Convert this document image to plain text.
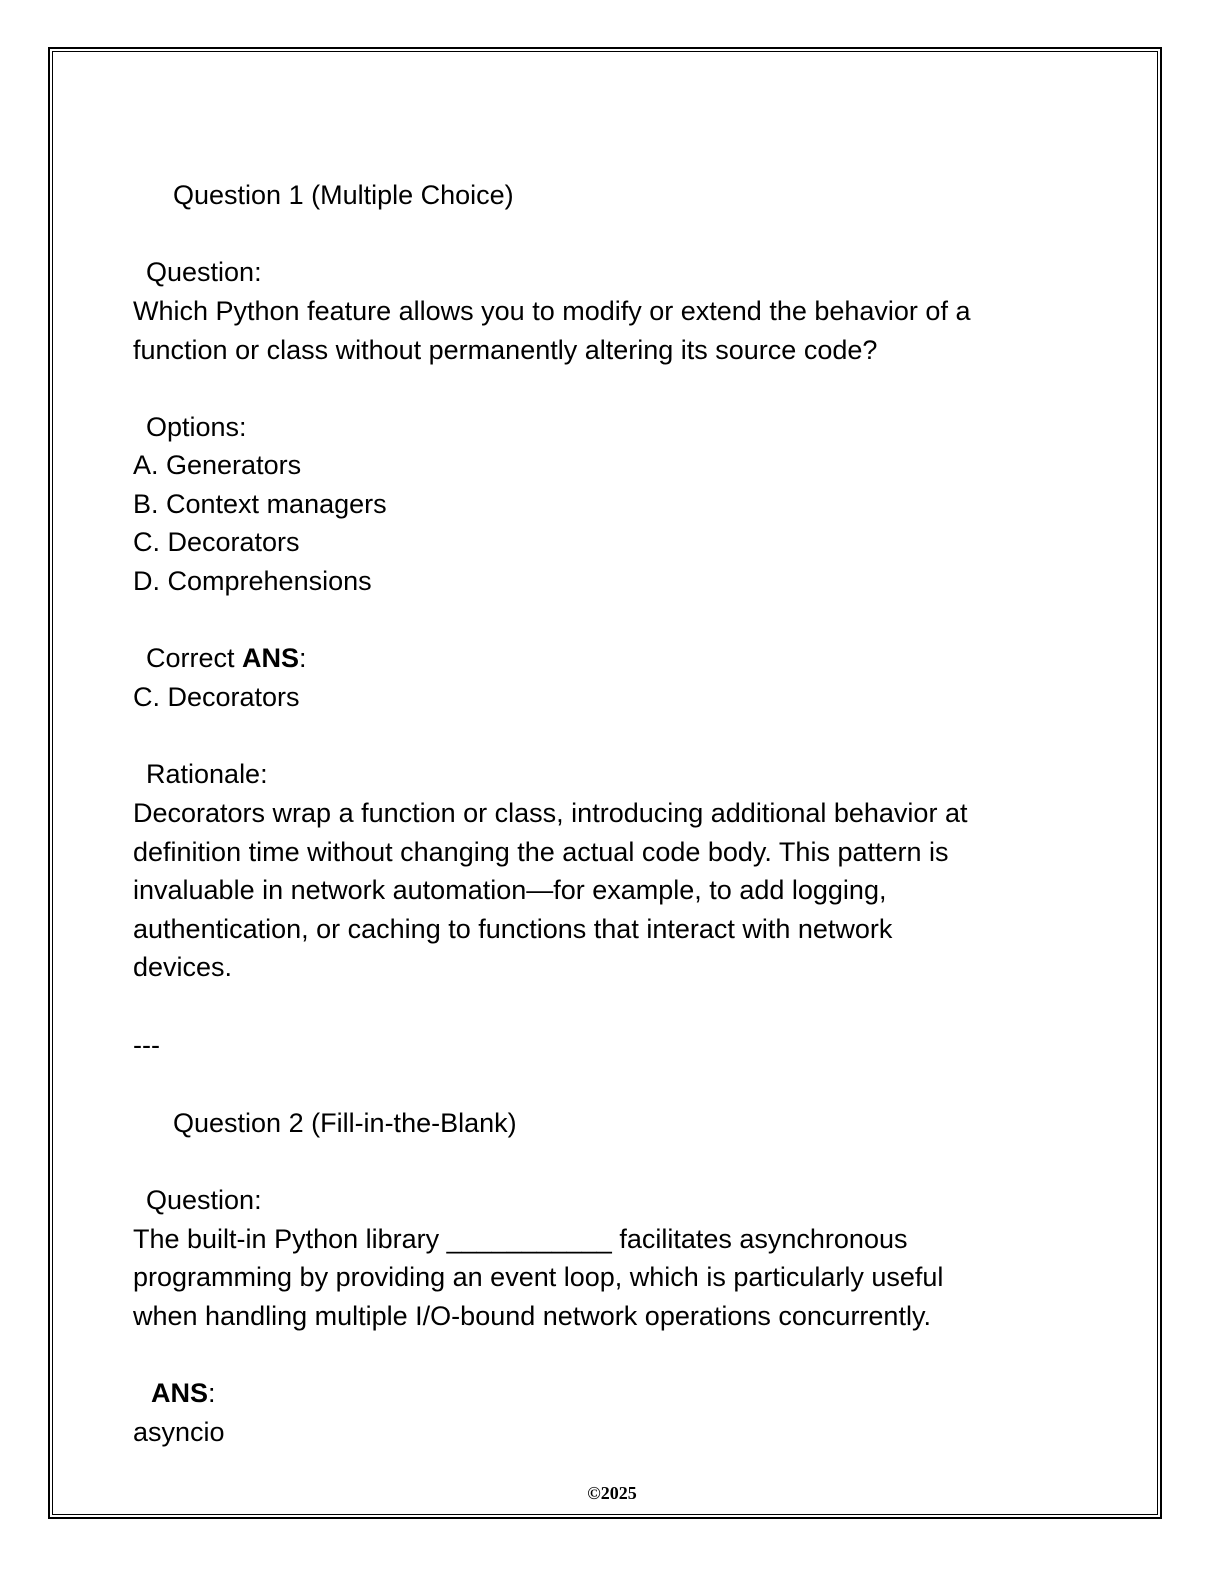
Question 1 (Multiple Choice)
Question:
Which Python feature allows you to modify or extend the behavior of a
function or class without permanently altering its source code?
Options:
A. Generators
B. Context managers
C. Decorators
D. Comprehensions
Correct ANS:
C. Decorators
Rationale:
Decorators wrap a function or class, introducing additional behavior at
definition time without changing the actual code body. This pattern is
invaluable in network automation—for example, to add logging,
authentication, or caching to functions that interact with network
devices.
---
Question 2 (Fill-in-the-Blank)
Question:
The built-in Python library ___________ facilitates asynchronous
programming by providing an event loop, which is particularly useful
when handling multiple I/O-bound network operations concurrently.
ANS:
asyncio
©2025
